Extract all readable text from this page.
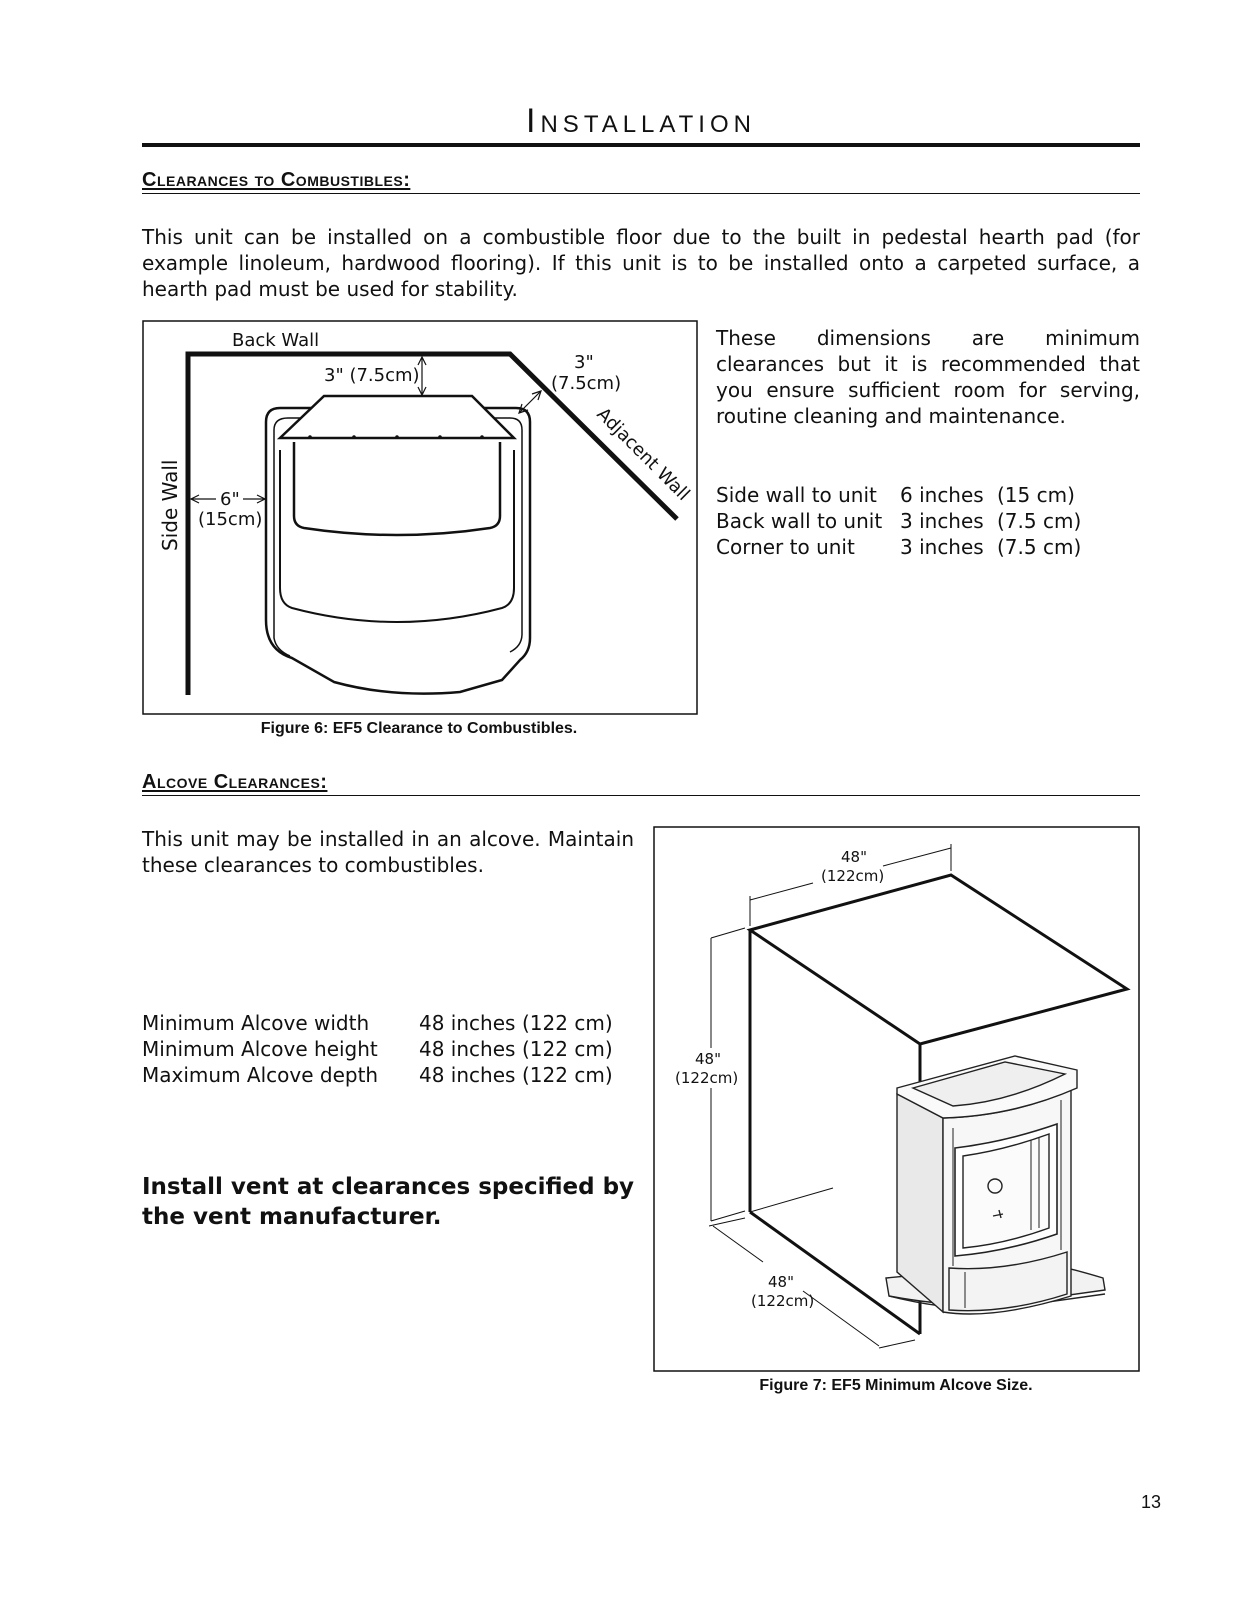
Installation
Clearances to Combustibles:
This unit can be installed on a combustible floor due to the built in pedestal hearth pad (for example linoleum, hardwood flooring). If this unit is to be installed onto a carpeted surface, a hearth pad must be used for stability.
Back Wall
3" (7.5cm)
3"
(7.5cm)
Adjacent Wall
Side Wall 6"
(15cm)
Figure 6: EF5 Clearance to Combustibles.
These dimensions are minimum clearances but it is recommended that you ensure sufficient room for serving, routine cleaning and maintenance.
Side wall to unit 6 inches (15 cm)
Back wall to unit 3 inches (7.5 cm)
Corner to unit 3 inches (7.5 cm)
Alcove Clearances:
This unit may be installed in an alcove. Maintain these clearances to combustibles.
Minimum Alcove width 48 inches (122 cm)
Minimum Alcove height 48 inches (122 cm)
Maximum Alcove depth 48 inches (122 cm)
Install vent at clearances specified by
the vent manufacturer.
48"
(122cm)
48"
(122cm)
48"
(122cm)
Figure 7: EF5 Minimum Alcove Size.
13
